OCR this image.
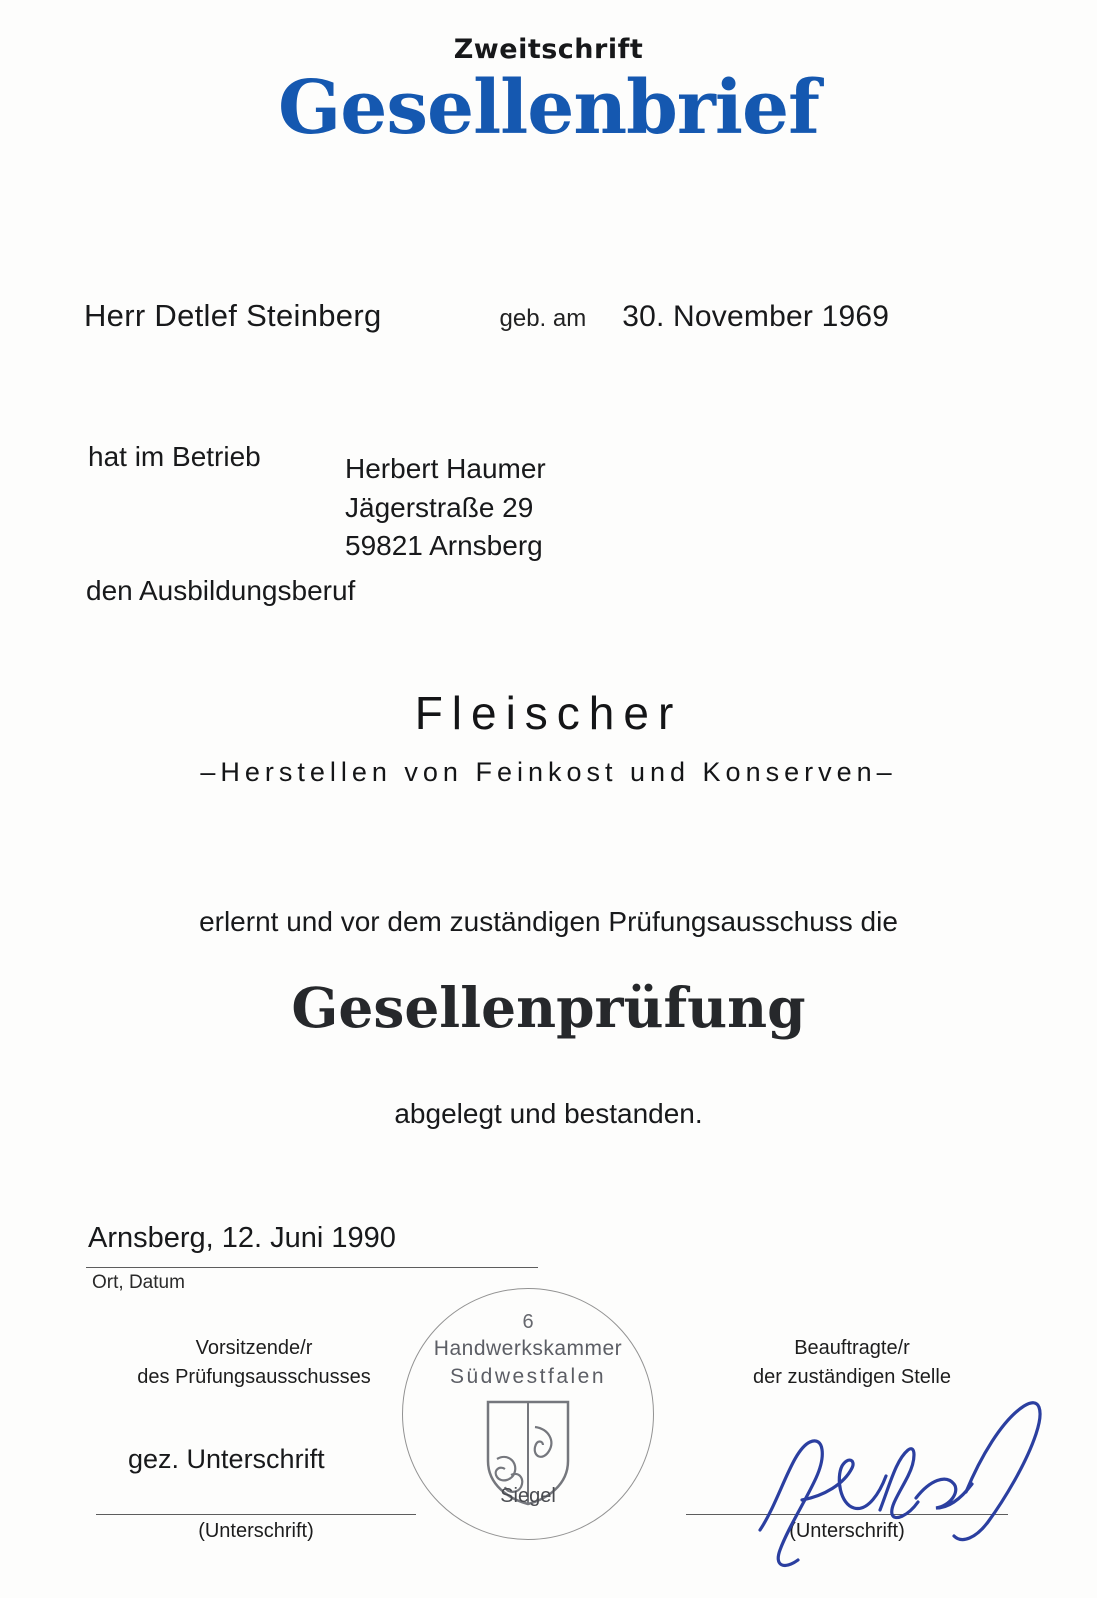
Zweitschrift
Gesellenbrief
Herr Detlef Steinberg	geb. am 30. November 1969
hat im Betrieb	Herbert Haumer
Jägerstraße 29
59821 Arnsberg
den Ausbildungsberuf
Fleischer
–Herstellen von Feinkost und Konserven–
erlernt und vor dem zuständigen Prüfungsausschuss die
Gesellenprüfung
abgelegt und bestanden.
Arnsberg, 12. Juni 1990
Ort, Datum
Vorsitzende/r
des Prüfungsausschusses
Beauftragte/r
der zuständigen Stelle
gez. Unterschrift
(Unterschrift)	(Unterschrift)
6
Handwerkskammer
Südwestfalen
Siegel
